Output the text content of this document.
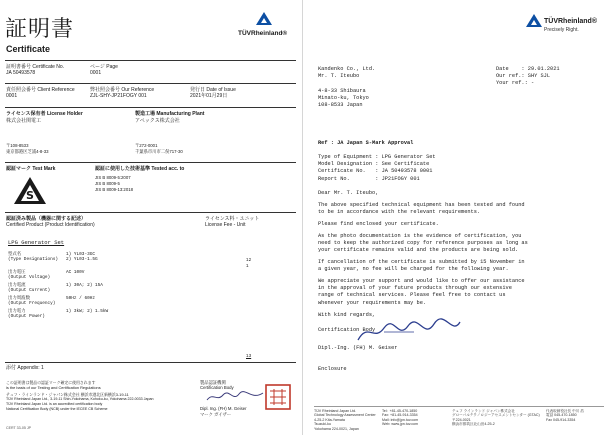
証明書
Certificate
TÜVRheinland®
証明書番号 Certificate No.
JA 50493578
ページ Page
0001
責任照会番号 Client Reference
0001
弊社照会番号 Our Reference
ZJL-SHY-JP21FOGY 001
発行日 Date of Issue
2021年01月29日
ライセンス保有者 License Holder
株式会社関電工
〒108-8533
東京都港区芝浦4-8-33
製造工場 Manufacturing Plant
アペックス株式会社
〒272-0001
千葉県市川市二俣717-30
認証マーク Test Mark	認証に使用した技術基準 Tested acc. to
S
JIS B 8009-5:2007
JIS B 8009-5
JIS B 8009-13:2018
認証済み製品（機器に関する記述）
Certified Product (Product Identification)
ライセンス料・ユニット
License Fee - Unit
LPG Generator Set
12
1
型式名
(Type Designations)
1) YL03-3GC
2) YL03-1.5G
出力電圧
(Output Voltage)
AC 100V
出力電流
(Output Current)
1) 30A; 2) 15A
出力周波数
(Output Frequency)
50Hz / 60Hz
出力電力
(Output Power)
1) 3kW; 2) 1.5kW
13
添付 Appendix: 1
この証明書は製品の認証マーク確定に使用されます
is the basis of our Testing and Certification Regulations
テュフ・ラインランド・ジャパン株式会社 横浜市港北区新横浜3-19-11
TÜV Rheinland Japan Ltd., 3-19-11 Shin-Yokohama, Kohoku-ku, Yokohama 222-0033 Japan
TÜV Rheinland Japan Ltd. is an accredited certification body
National Certification Body (NCB) under the IECEE CB Scheme
製品認証機関
Certification Body
Dipl. Ing. (FH) M. Geiser
マーク ガイザー
CERT 33-05 JP
TÜVRheinland®
Precisely Right.
Kandenko Co., Ltd.
Mr. T. Iteubo

4-8-33 Shibaura
Minato-ku, Tokyo
108-8533 Japan
Date    : 29.01.2021
Our ref.: SHY SJL
Your ref.: -
Ref : JA Japan S-Mark Approval
Type of Equipment : LPG Generator Set
Model Designation : See Certificate
Certificate No.   : JA 50493578 0001
Report No.        : JP21FOGY 001
Dear Mr. T. Iteubo,
The above specified technical equipment has been tested and found
to be in accordance with the relevant requirements.
Please find enclosed your certificate.
As the photo documentation is the evidence of certification, you
need to keep the authorized copy for reference purposes as long as
your certificate remains valid and the products are being sold.
If cancellation of the certificate is submitted by 15 November in
a given year, no fee will be charged for the following year.
We appreciate your support and would like to offer our assistance
in the approval of your future products through our extensive
range of technical services. Please feel free to contact us
whenever your requirements may be.
With kind regards,
Certification Body
Dipl.-Ing. (FH) M. Geiser
Enclosure
TÜV Rheinland Japan Ltd.
Global Technology Assessment Center
4-25-2 Kita-Yamata
Tsuzuki-ku
Yokohama 224-0021, Japan
Tel:  +81-45-470-1850
Fax: +81-45-914-3354
Mail: info@jpn.tuv.com
Web: www.jpn.tuv.com
テュフ ラインランド ジャパン株式会社
グローバルテクノロジーアセスメントセンター (GTAC)
〒224-0021
横浜市都筑区北山田4-25-2
代表取締役社長 中川 浩
電話 045-470-1850
Fax 045-914-3354
